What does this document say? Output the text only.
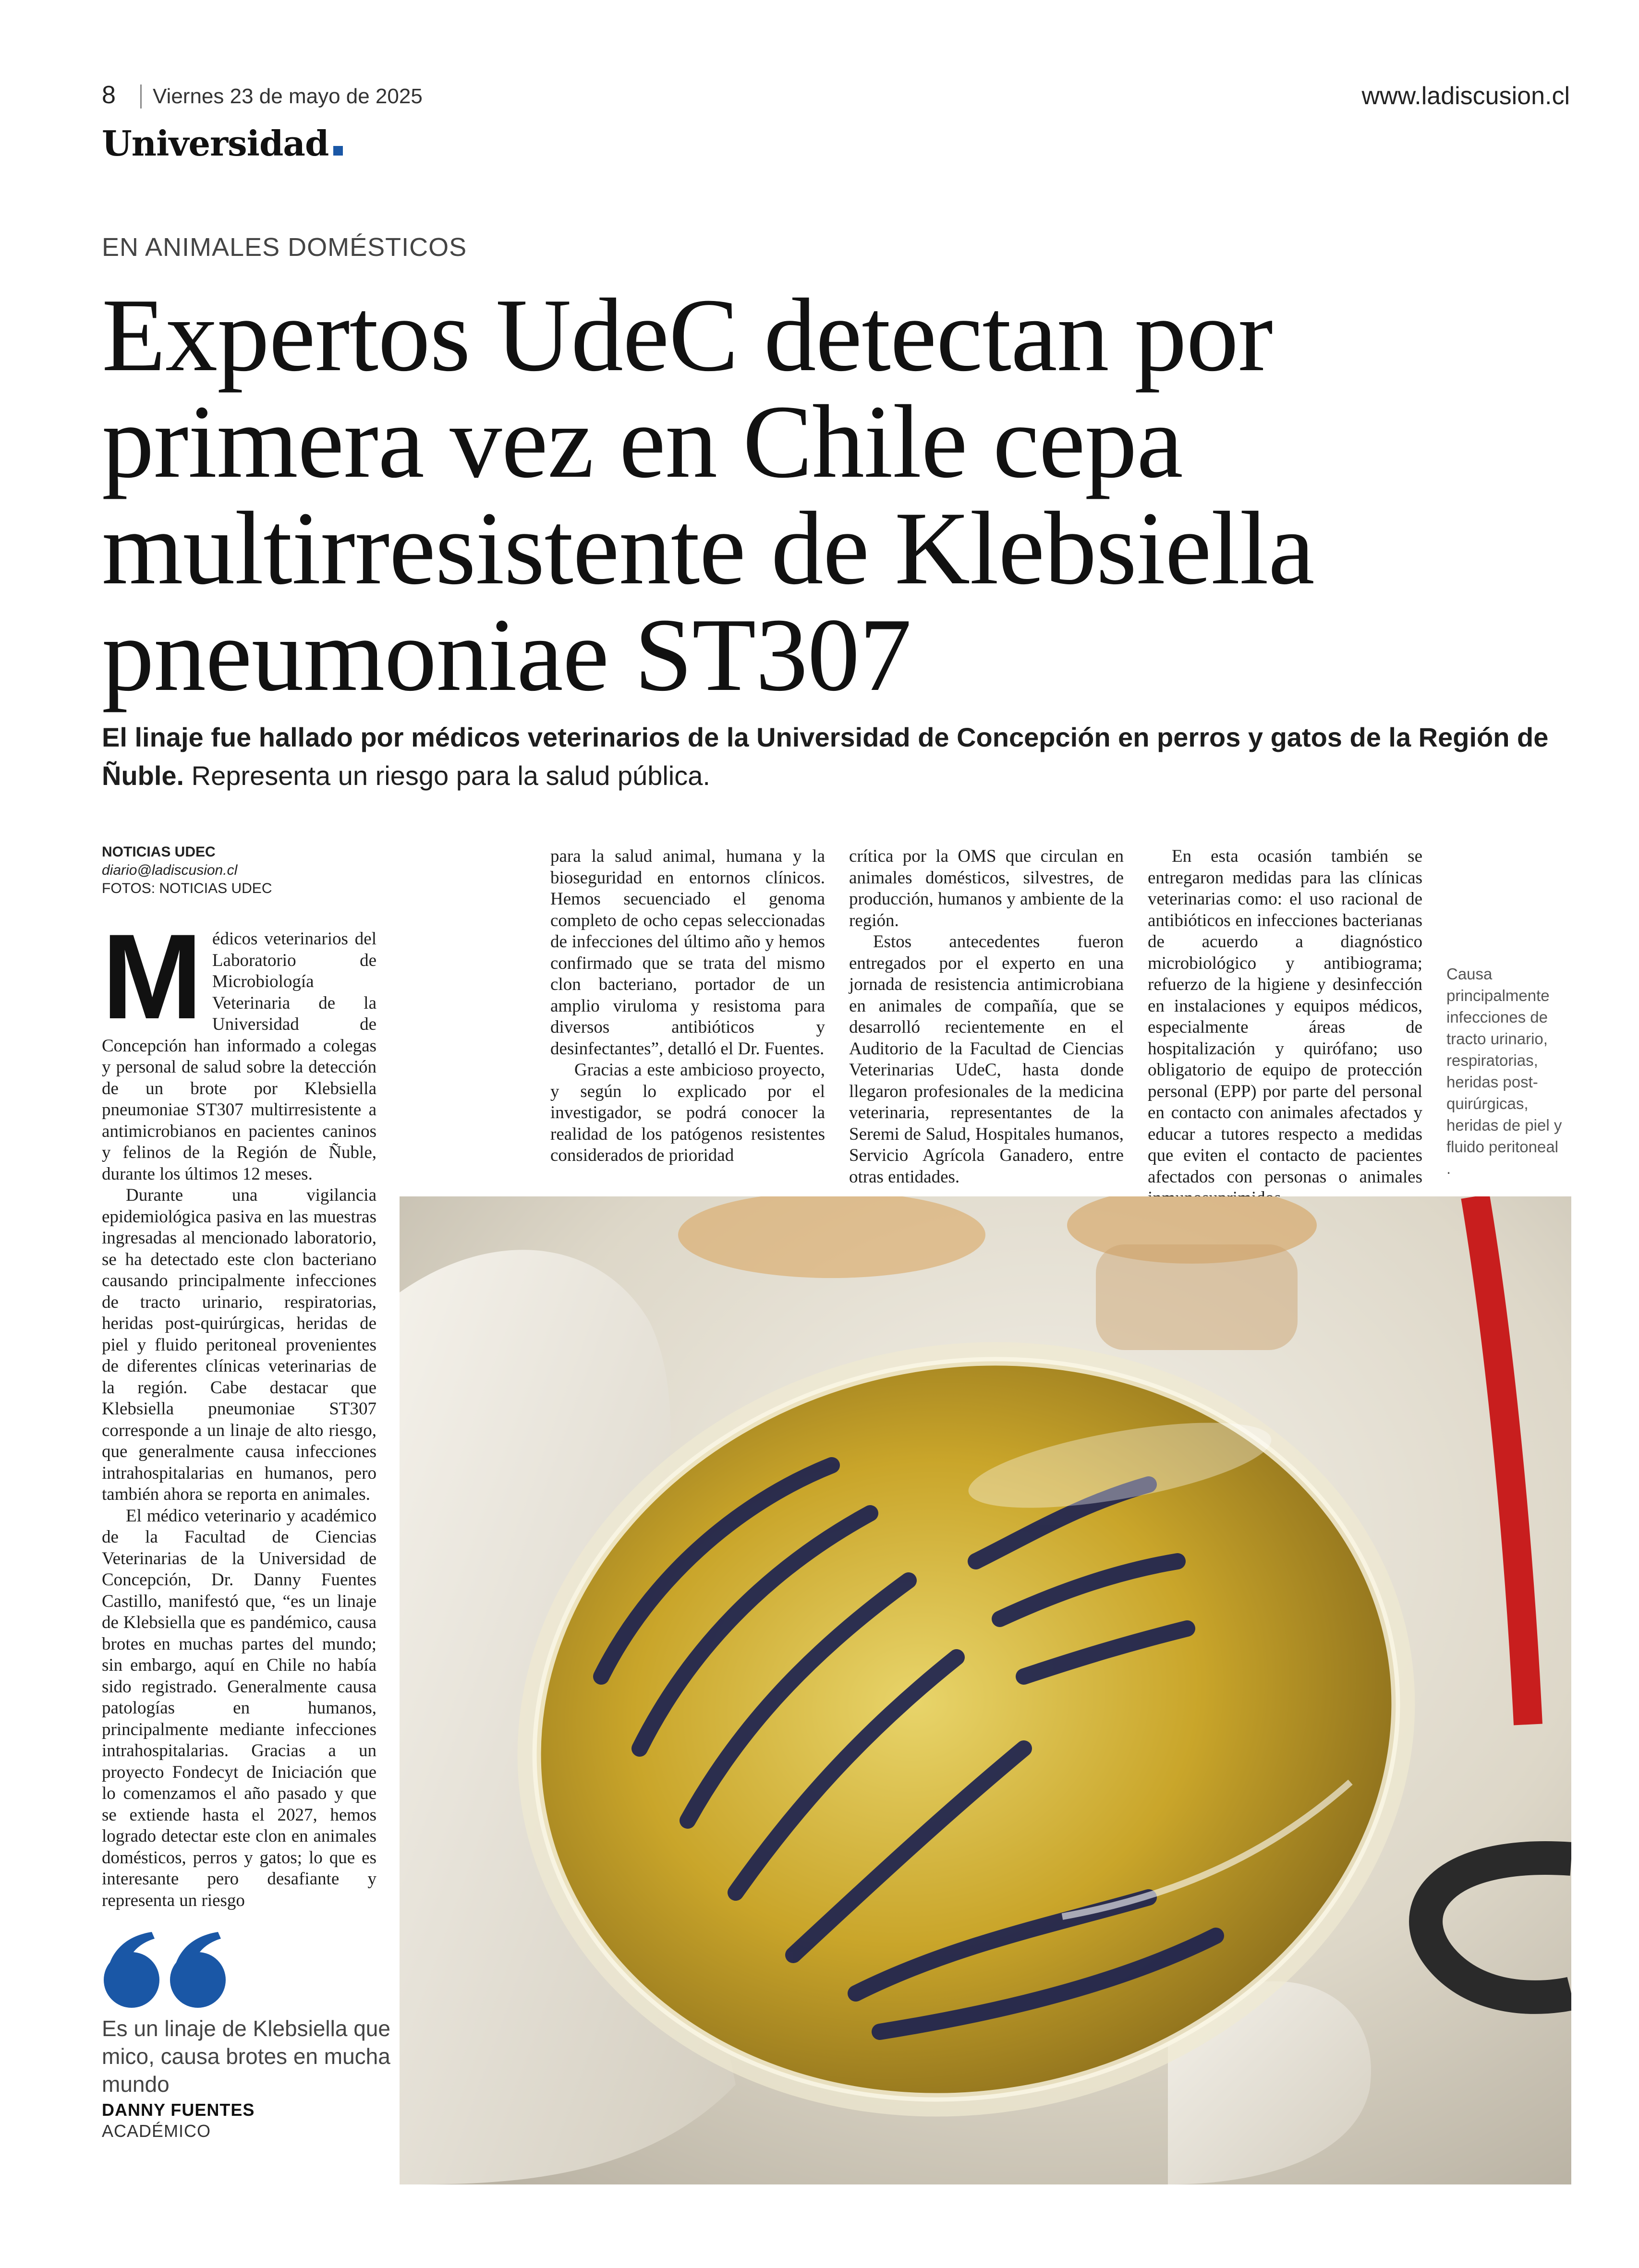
8 Viernes 23 de mayo de 2025	www.ladiscusion.cl
Universidad
EN ANIMALES DOMÉSTICOS
Expertos UdeC detectan por primera vez en Chile cepa multirresistente de Klebsiella pneumoniae ST307
El linaje fue hallado por médicos veterinarios de la Universidad de Concepción en perros y gatos de la Región de Ñuble. Representa un riesgo para la salud pública.
NOTICIAS UDEC
diario@ladiscusion.cl
FOTOS: NOTICIAS UDEC
M édicos veterinarios del Laboratorio de Microbiología Veterinaria de la Universidad de Concepción han informado a colegas y personal de salud sobre la detección de un brote por Klebsiella pneumoniae ST307 multirresistente a antimicrobianos en pacientes caninos y felinos de la Región de Ñuble, durante los últimos 12 meses.

Durante una vigilancia epidemiológica pasiva en las muestras ingresadas al mencionado laboratorio, se ha detectado este clon bacteriano causando principalmente infecciones de tracto urinario, respiratorias, heridas post-quirúrgicas, heridas de piel y fluido peritoneal provenientes de diferentes clínicas veterinarias de la región. Cabe destacar que Klebsiella pneumoniae ST307 corresponde a un linaje de alto riesgo, que generalmente causa infecciones intrahospitalarias en humanos, pero también ahora se reporta en animales.

El médico veterinario y académico de la Facultad de Ciencias Veterinarias de la Universidad de Concepción, Dr. Danny Fuentes Castillo, manifestó que, “es un linaje de Klebsiella que es pandémico, causa brotes en muchas partes del mundo; sin embargo, aquí en Chile no había sido registrado. Generalmente causa patologías en humanos, principalmente mediante infecciones intrahospitalarias. Gracias a un proyecto Fondecyt de Iniciación que lo comenzamos el año pasado y que se extiende hasta el 2027, hemos logrado detectar este clon en animales domésticos, perros y gatos; lo que es interesante pero desafiante y representa un riesgo

para la salud animal, humana y la bioseguridad en entornos clínicos. Hemos secuenciado el genoma completo de ocho cepas seleccionadas de infecciones del último año y hemos confirmado que se trata del mismo clon bacteriano, portador de un amplio viruloma y resistoma para diversos antibióticos y desinfectantes”, detalló el Dr. Fuentes.

Gracias a este ambicioso proyecto, y según lo explicado por el investigador, se podrá conocer la realidad de los patógenos resistentes considerados de prioridad

crítica por la OMS que circulan en animales domésticos, silvestres, de producción, humanos y ambiente de la región.

Estos antecedentes fueron entregados por el experto en una jornada de resistencia antimicrobiana en animales de compañía, que se desarrolló recientemente en el Auditorio de la Facultad de Ciencias Veterinarias UdeC, hasta donde llegaron profesionales de la medicina veterinaria, representantes de la Seremi de Salud, Hospitales humanos, Servicio Agrícola Ganadero, entre otras entidades.

En esta ocasión también se entregaron medidas para las clínicas veterinarias como: el uso racional de antibióticos en infecciones bacterianas de acuerdo a diagnóstico microbiológico y antibiograma; refuerzo de la higiene y desinfección en instalaciones y equipos médicos, especialmente áreas de hospitalización y quirófano; uso obligatorio de equipo de protección personal (EPP) por parte del personal en contacto con animales afectados y educar a tutores respecto a medidas que eviten el contacto de pacientes afectados con personas o animales

Causa principalmente infecciones de tracto urinario, respiratorias, heridas post-quirúrgicas, heridas de piel y fluido peritoneal .
Es un linaje de Klebsiella que
mico, causa brotes en mucha
mundo
DANNY FUENTES
ACADÉMICO
